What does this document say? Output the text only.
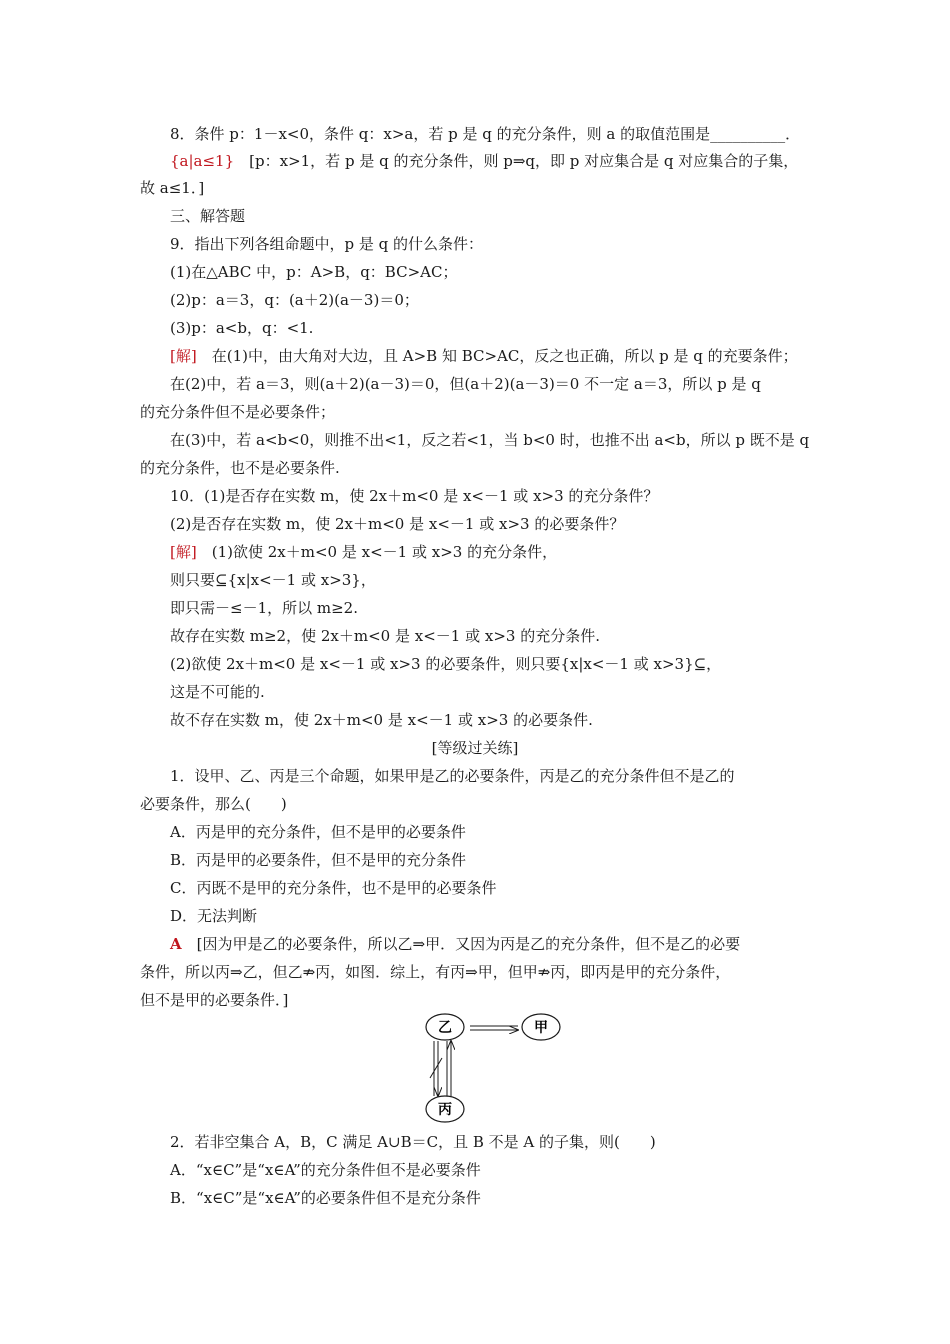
8．条件 p：1－x<0，条件 q：x>a，若 p 是 q 的充分条件，则 a 的取值范围是__________．
{a|a≤1}　 [p：x>1，若 p 是 q 的充分条件，则 p⇒q，即 p 对应集合是 q 对应集合的子集，
故 a≤1．]
三、解答题
9．指出下列各组命题中，p 是 q 的什么条件：
(1)在△ABC 中，p：A>B，q：BC>AC；
(2)p：a＝3，q：(a＋2)(a－3)＝0；
(3)p：a<b，q：<1.
[解]　 在(1)中，由大角对大边，且 A>B 知 BC>AC，反之也正确，所以 p 是 q 的充要条件；
在(2)中，若 a＝3，则(a＋2)(a－3)＝0，但(a＋2)(a－3)＝0 不一定 a＝3，所以 p 是 q
的充分条件但不是必要条件；
在(3)中，若 a<b<0，则推不出<1，反之若<1，当 b<0 时，也推不出 a<b，所以 p 既不是 q
的充分条件，也不是必要条件.
10．(1)是否存在实数 m，使 2x＋m<0 是 x<－1 或 x>3 的充分条件？
(2)是否存在实数 m，使 2x＋m<0 是 x<－1 或 x>3 的必要条件？
[解]　 (1)欲使 2x＋m<0 是 x<－1 或 x>3 的充分条件，
则只要⊆{x|x<－1 或 x>3}，
即只需－≤－1，所以 m≥2.
故存在实数 m≥2，使 2x＋m<0 是 x<－1 或 x>3 的充分条件.
(2)欲使 2x＋m<0 是 x<－1 或 x>3 的必要条件，则只要{x|x<－1 或 x>3}⊆，
这是不可能的.
故不存在实数 m，使 2x＋m<0 是 x<－1 或 x>3 的必要条件.
[等级过关练]
1．设甲、乙、丙是三个命题，如果甲是乙的必要条件，丙是乙的充分条件但不是乙的
必要条件，那么(　　)
A．丙是甲的充分条件，但不是甲的必要条件
B．丙是甲的必要条件，但不是甲的充分条件
C．丙既不是甲的充分条件，也不是甲的必要条件
D．无法判断
A　 [因为甲是乙的必要条件，所以乙⇒甲．又因为丙是乙的充分条件，但不是乙的必要
条件，所以丙⇒乙，但乙⇏丙，如图．综上，有丙⇒甲，但甲⇏丙，即丙是甲的充分条件，
但不是甲的必要条件．]
乙	甲
丙
2．若非空集合 A，B，C 满足 A∪B＝C，且 B 不是 A 的子集，则(　　)
A．“x∈C”是“x∈A”的充分条件但不是必要条件
B．“x∈C”是“x∈A”的必要条件但不是充分条件
